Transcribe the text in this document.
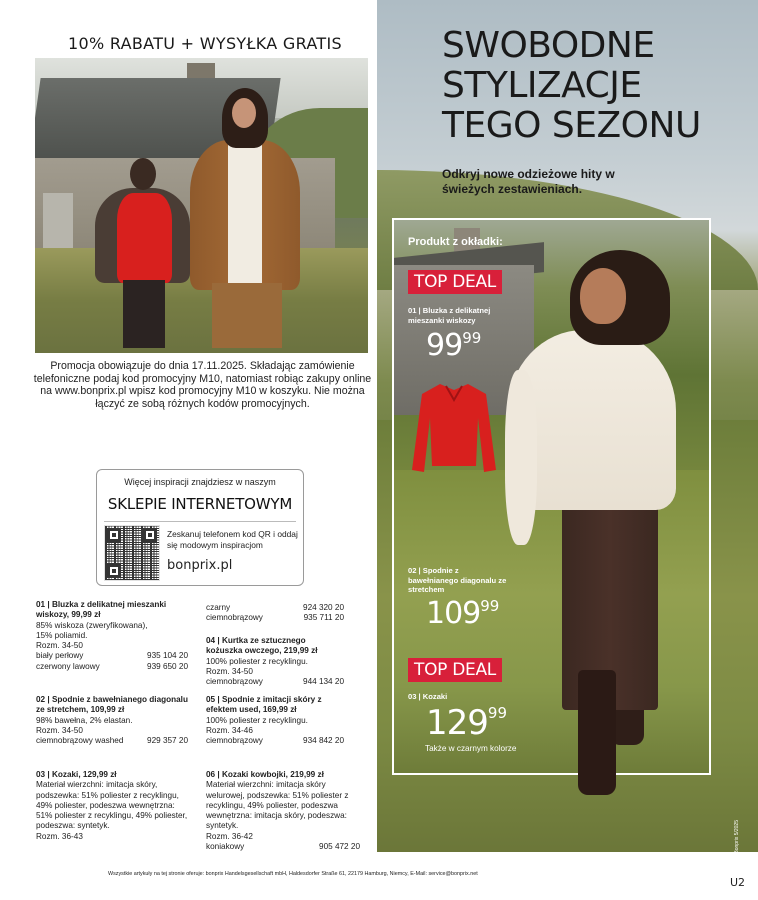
10% RABATU + WYSYŁKA GRATIS
Promocja obowiązuje do dnia 17.11.2025. Składając zamówienie telefoniczne podaj kod promocyjny M10, natomiast robiąc zakupy online na www.bonprix.pl wpisz kod promocyjny M10 w koszyku. Nie można łączyć ze sobą różnych kodów promocyjnych.
Więcej inspiracji znajdziesz w naszym
SKLEPIE INTERNETOWYM
Zeskanuj telefonem kod QR i oddaj się modowym inspiracjom
bonprix.pl
01 | Bluzka z delikatnej mieszanki wiskozy, 99,99 zł
85% wiskoza (zweryfikowana),
15% poliamid.
Rozm. 34-50
biały perłowy	935 104 20
czerwony lawowy	939 650 20
02 | Spodnie z bawełnianego diagonalu ze stretchem, 109,99 zł
98% bawełna, 2% elastan.
Rozm. 34-50
ciemnobrązowy washed	929 357 20
03 | Kozaki, 129,99 zł
Materiał wierzchni: imitacja skóry, podszewka: 51% poliester z recyklingu, 49% poliester, podeszwa wewnętrzna: 51% poliester z recyklingu, 49% poliester, podeszwa: syntetyk.
Rozm. 36-43
czarny	924 320 20
ciemnobrązowy	935 711 20
04 | Kurtka ze sztucznego kożuszka owczego, 219,99 zł
100% poliester z recyklingu.
Rozm. 34-50
ciemnobrązowy	944 134 20
05 | Spodnie z imitacji skóry z efektem used, 169,99 zł
100% poliester z recyklingu.
Rozm. 34-46
ciemnobrązowy	934 842 20
06 | Kozaki kowbojki, 219,99 zł
Materiał wierzchni: imitacja skóry welurowej, podszewka: 51% poliester z recyklingu, 49% poliester, podeszwa wewnętrzna: imitacja skóry, podeszwa: syntetyk.
Rozm. 36-42
koniakowy	905 472 20
SWOBODNE
STYLIZACJE
TEGO SEZONU
Odkryj nowe odzieżowe hity w świeżych zestawieniach.
Produkt z okładki:
TOP DEAL
01 | Bluzka z delikatnej mieszanki wiskozy
$99^{99}$
02 | Spodnie z bawełnianego diagonalu ze stretchem
$109^{99}$
TOP DEAL
03 | Kozaki
$129^{99}$
Także w czarnym kolorze
Bonprix 5/2025
Wszystkie artykuły na tej stronie oferuje: bonprix Handelsgesellschaft mbH, Haldesdorfer Straße 61, 22179 Hamburg, Niemcy, E-Mail: service@bonprix.net
U2
